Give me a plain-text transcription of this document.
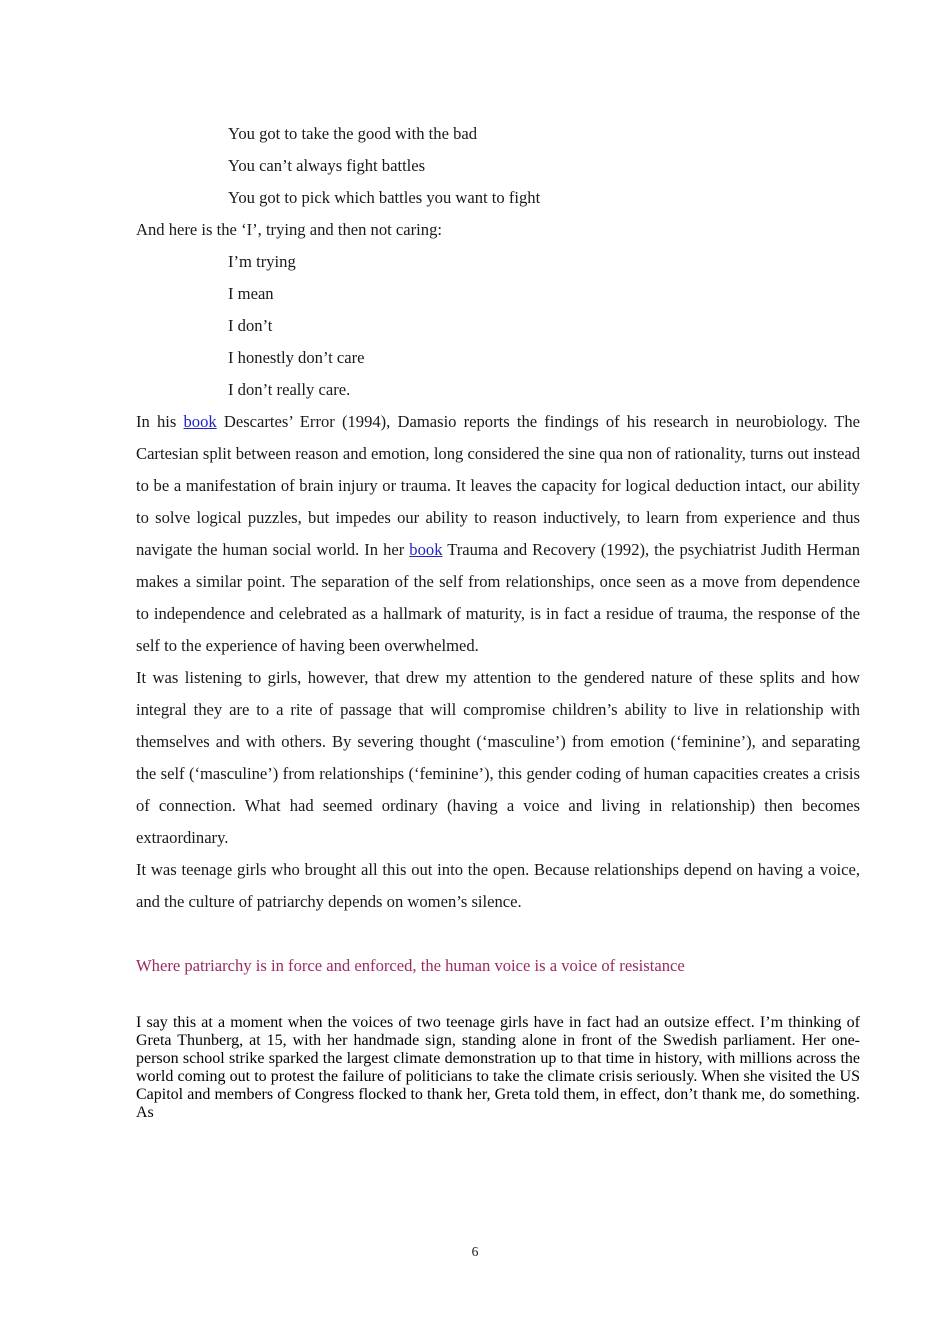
You got to take the good with the bad

You can’t always fight battles

You got to pick which battles you want to fight

And here is the ‘I’, trying and then not caring:

I’m trying

I mean

I don’t

I honestly don’t care

I don’t really care.

In his book Descartes’ Error (1994), Damasio reports the findings of his research in neurobiology. The Cartesian split between reason and emotion, long considered the sine qua non of rationality, turns out instead to be a manifestation of brain injury or trauma. It leaves the capacity for logical deduction intact, our ability to solve logical puzzles, but impedes our ability to reason inductively, to learn from experience and thus navigate the human social world. In her book Trauma and Recovery (1992), the psychiatrist Judith Herman makes a similar point. The separation of the self from relationships, once seen as a move from dependence to independence and celebrated as a hallmark of maturity, is in fact a residue of trauma, the response of the self to the experience of having been overwhelmed.

It was listening to girls, however, that drew my attention to the gendered nature of these splits and how integral they are to a rite of passage that will compromise children’s ability to live in relationship with themselves and with others. By severing thought (‘masculine’) from emotion (‘feminine’), and separating the self (‘masculine’) from relationships (‘feminine’), this gender coding of human capacities creates a crisis of connection. What had seemed ordinary (having a voice and living in relationship) then becomes extraordinary.

It was teenage girls who brought all this out into the open. Because relationships depend on having a voice, and the culture of patriarchy depends on women’s silence.

Where patriarchy is in force and enforced, the human voice is a voice of resistance

I say this at a moment when the voices of two teenage girls have in fact had an outsize effect. I’m thinking of Greta Thunberg, at 15, with her handmade sign, standing alone in front of the Swedish parliament. Her one-person school strike sparked the largest climate demonstration up to that time in history, with millions across the world coming out to protest the failure of politicians to take the climate crisis seriously. When she visited the US Capitol and members of Congress flocked to thank her, Greta told them, in effect, don’t thank me, do something. As

6
